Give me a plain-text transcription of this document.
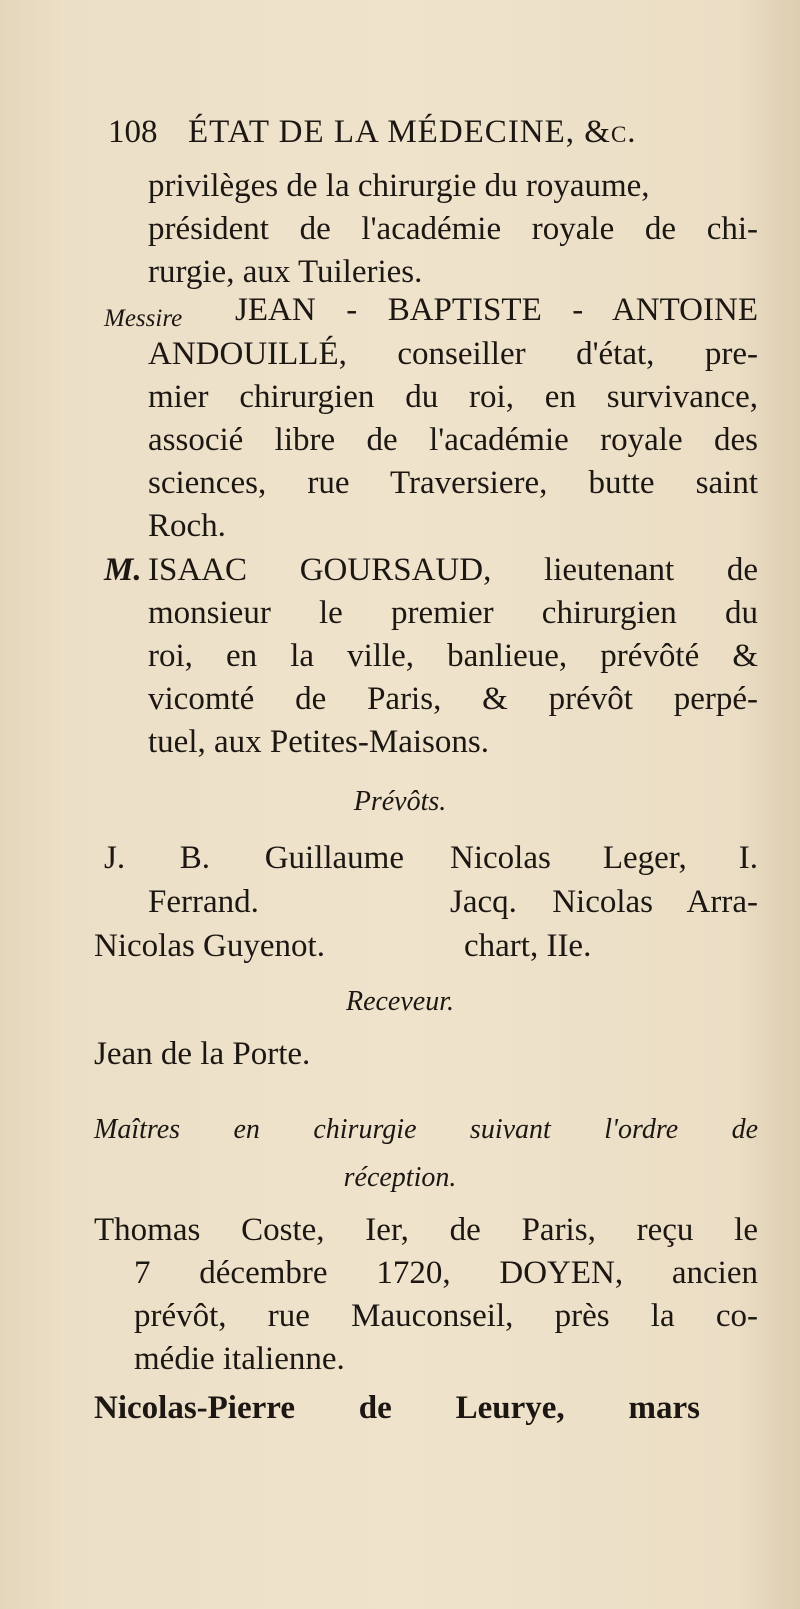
108 ÉTAT DE LA MÉDECINE, &c.
privilèges de la chirurgie du royaume,
président de l'académie royale de chi-
rurgie, aux Tuileries.
Messire JEAN - BAPTISTE - ANTOINE
ANDOUILLÉ, conseiller d'état, pre-
mier chirurgien du roi, en survivance,
associé libre de l'académie royale des
sciences, rue Traversiere, butte saint
Roch.
M. ISAAC GOURSAUD, lieutenant de
monsieur le premier chirurgien du
roi, en la ville, banlieue, prévôté &
vicomté de Paris, & prévôt perpé-
tuel, aux Petites-Maisons.
Prévôts.
J. B. Guillaume
Ferrand.
Nicolas Guyenot.
Nicolas Leger, I.
Jacq. Nicolas Arra-
chart, IIe.
Receveur.
Jean de la Porte.
Maîtres en chirurgie suivant l'ordre de
réception.
Thomas Coste, Ier, de Paris, reçu le
7 décembre 1720, DOYEN, ancien
prévôt, rue Mauconseil, près la co-
médie italienne.
Nicolas-Pierre de Leurye, mars
